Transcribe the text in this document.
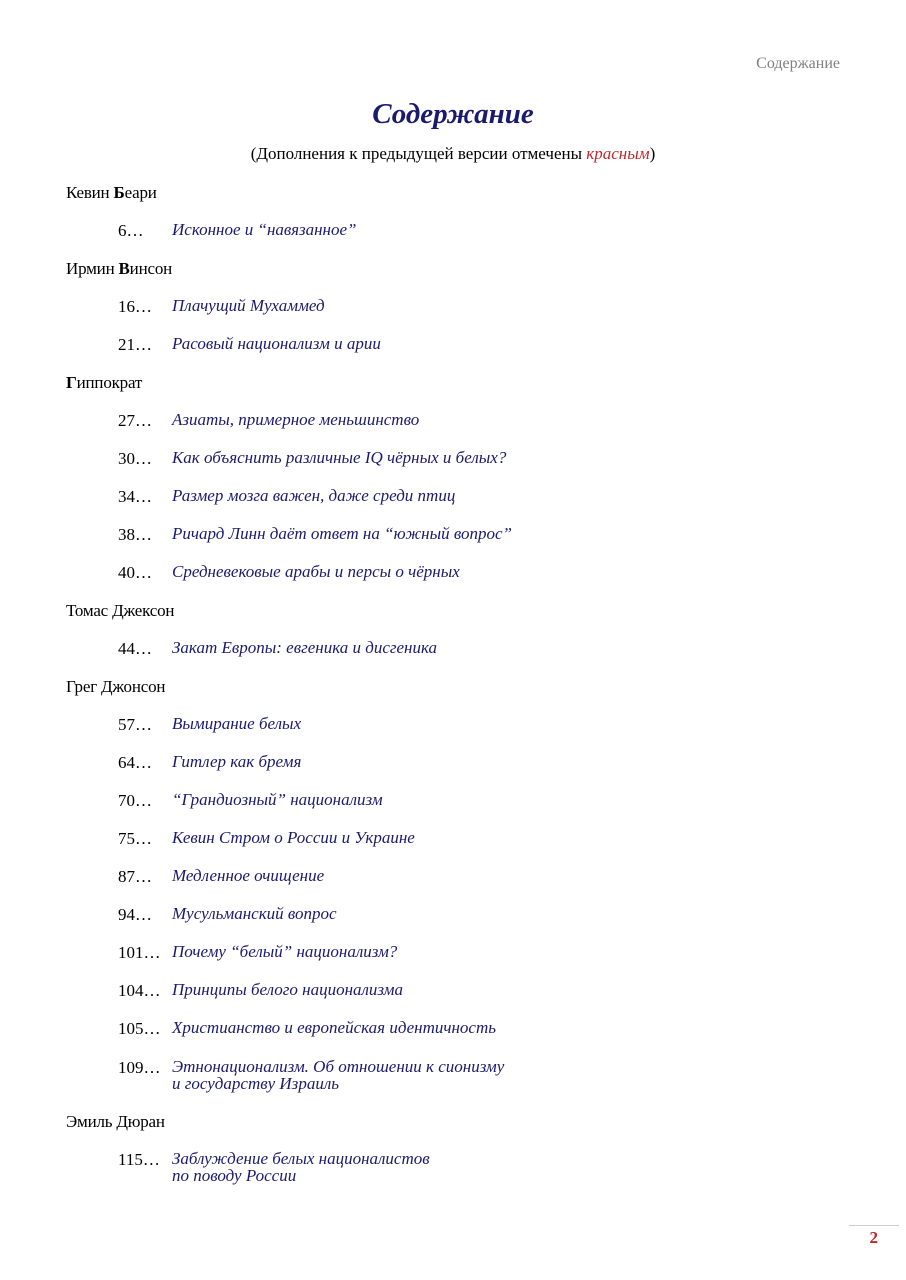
Содержание
Содержание
(Дополнения к предыдущей версии отмечены красным)
Кевин Беари
6…	Исконное и “навязанное”
Ирмин Винсон
16…	Плачущий Мухаммед
21…	Расовый национализм и арии
Гиппократ
27…	Азиаты, примерное меньшинство
30…	Как объяснить различные IQ чёрных и белых?
34…	Размер мозга важен, даже среди птиц
38…	Ричард Линн даёт ответ на “южный вопрос”
40…	Средневековые арабы и персы о чёрных
Томас Джексон
44…	Закат Европы: евгеника и дисгеника
Грег Джонсон
57…	Вымирание белых
64…	Гитлер как бремя
70…	“Грандиозный” национализм
75…	Кевин Стром о России и Украине
87…	Медленное очищение
94…	Мусульманский вопрос
101… Почему “белый” национализм?
104… Принципы белого национализма
105… Христианство и европейская идентичность
109… Этнонационализм. Об отношении к сионизму
и государству Израиль
Эмиль Дюран
115… Заблуждение белых националистов
по поводу России
2
